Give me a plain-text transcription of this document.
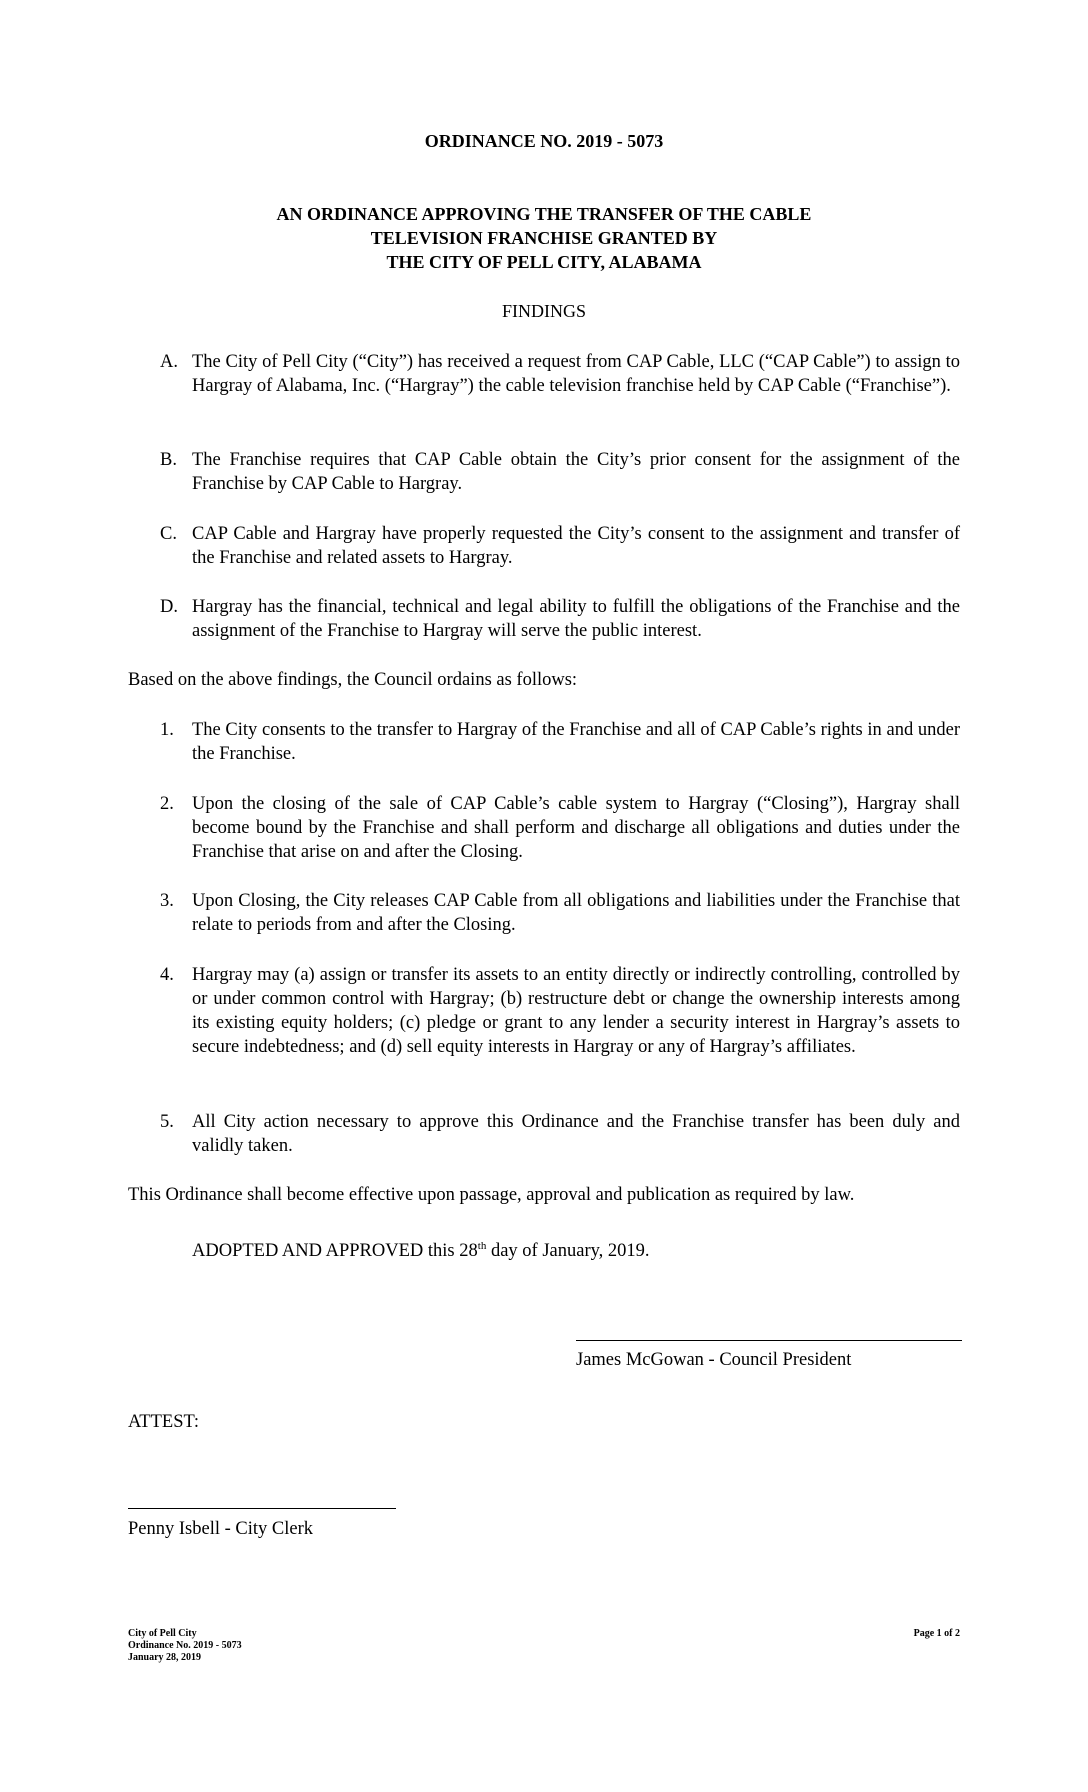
ORDINANCE NO. 2019 - 5073
AN ORDINANCE APPROVING THE TRANSFER OF THE CABLE
TELEVISION FRANCHISE GRANTED BY
THE CITY OF PELL CITY, ALABAMA
FINDINGS
A. The City of Pell City (“City”) has received a request from CAP Cable, LLC (“CAP Cable”) to assign to Hargray of Alabama, Inc. (“Hargray”) the cable television franchise held by CAP Cable (“Franchise”).
B. The Franchise requires that CAP Cable obtain the City’s prior consent for the assignment of the Franchise by CAP Cable to Hargray.
C. CAP Cable and Hargray have properly requested the City’s consent to the assignment and transfer of the Franchise and related assets to Hargray.
D. Hargray has the financial, technical and legal ability to fulfill the obligations of the Franchise and the assignment of the Franchise to Hargray will serve the public interest.
Based on the above findings, the Council ordains as follows:
1. The City consents to the transfer to Hargray of the Franchise and all of CAP Cable’s rights in and under the Franchise.
2. Upon the closing of the sale of CAP Cable’s cable system to Hargray (“Closing”), Hargray shall become bound by the Franchise and shall perform and discharge all obligations and duties under the Franchise that arise on and after the Closing.
3. Upon Closing, the City releases CAP Cable from all obligations and liabilities under the Franchise that relate to periods from and after the Closing.
4. Hargray may (a) assign or transfer its assets to an entity directly or indirectly controlling, controlled by or under common control with Hargray; (b) restructure debt or change the ownership interests among its existing equity holders; (c) pledge or grant to any lender a security interest in Hargray’s assets to secure indebtedness; and (d) sell equity interests in Hargray or any of Hargray’s affiliates.
5. All City action necessary to approve this Ordinance and the Franchise transfer has been duly and validly taken.
This Ordinance shall become effective upon passage, approval and publication as required by law.
ADOPTED AND APPROVED this 28th day of January, 2019.
James McGowan - Council President
ATTEST:
Penny Isbell - City Clerk
City of Pell City
Ordinance No. 2019 - 5073
January 28, 2019
Page 1 of 2
